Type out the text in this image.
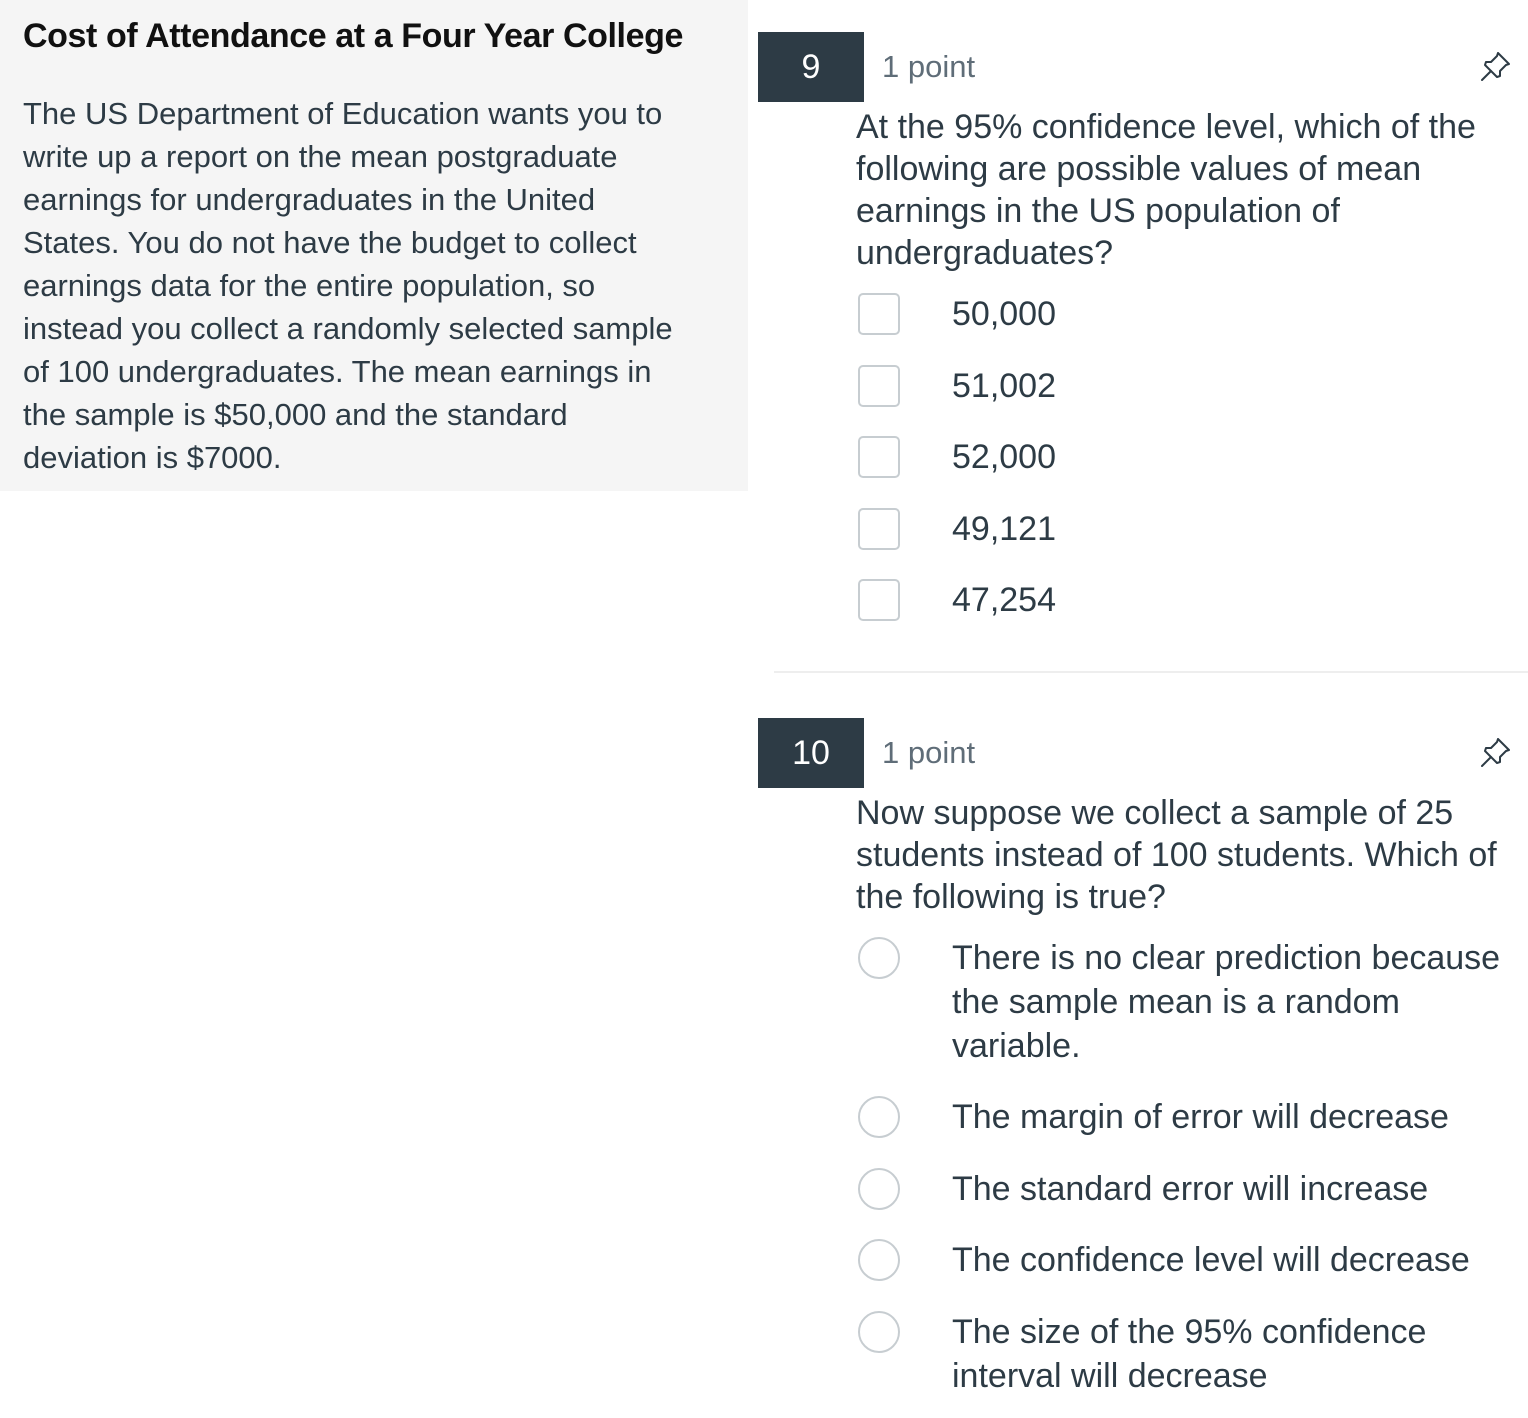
Cost of Attendance at a Four Year College

The US Department of Education wants you to write up a report on the mean postgraduate earnings for undergraduates in the United States. You do not have the budget to collect earnings data for the entire population, so instead you collect a randomly selected sample of 100 undergraduates. The mean earnings in the sample is $50,000 and the standard deviation is $7000.

9	1 point
At the 95% confidence level, which of the following are possible values of mean earnings in the US population of undergraduates?
50,000
51,002
52,000
49,121
47,254
10	1 point
Now suppose we collect a sample of 25 students instead of 100 students. Which of the following is true?
There is no clear prediction because the sample mean is a random variable.
The margin of error will decrease
The standard error will increase
The confidence level will decrease
The size of the 95% confidence interval will decrease
